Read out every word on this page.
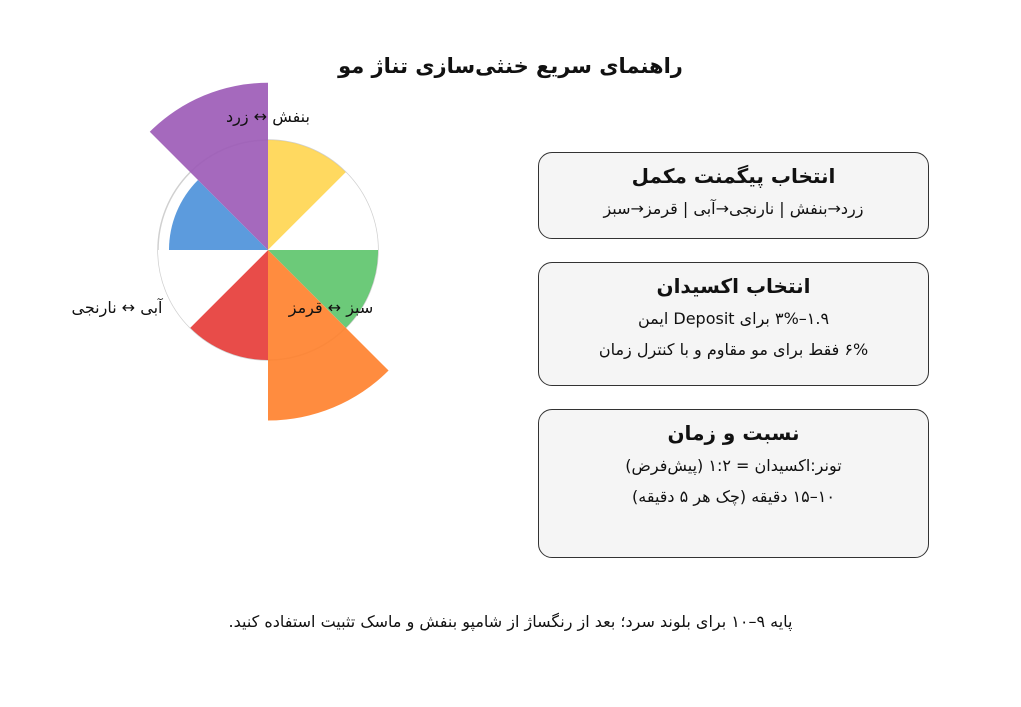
راهنمای سریع خنثی‌سازی تناژ مو
بنفش ↔ زرد
آبی ↔ نارنجی	سبز ↔ قرمز
انتخاب پیگمنت مکمل

زرد→بنفش | نارنجی→آبی | قرمز→سبز

انتخاب اکسیدان

۱.۹–۳% برای Deposit ایمن

۶% فقط برای مو مقاوم و با کنترل زمان

نسبت و زمان

تونر:اکسیدان = ۱:۲ (پیش‌فرض)

۱۰–۱۵ دقیقه (چک هر ۵ دقیقه)

پایه ۹–۱۰ برای بلوند سرد؛ بعد از رنگساژ از شامپو بنفش و ماسک تثبیت استفاده کنید.
